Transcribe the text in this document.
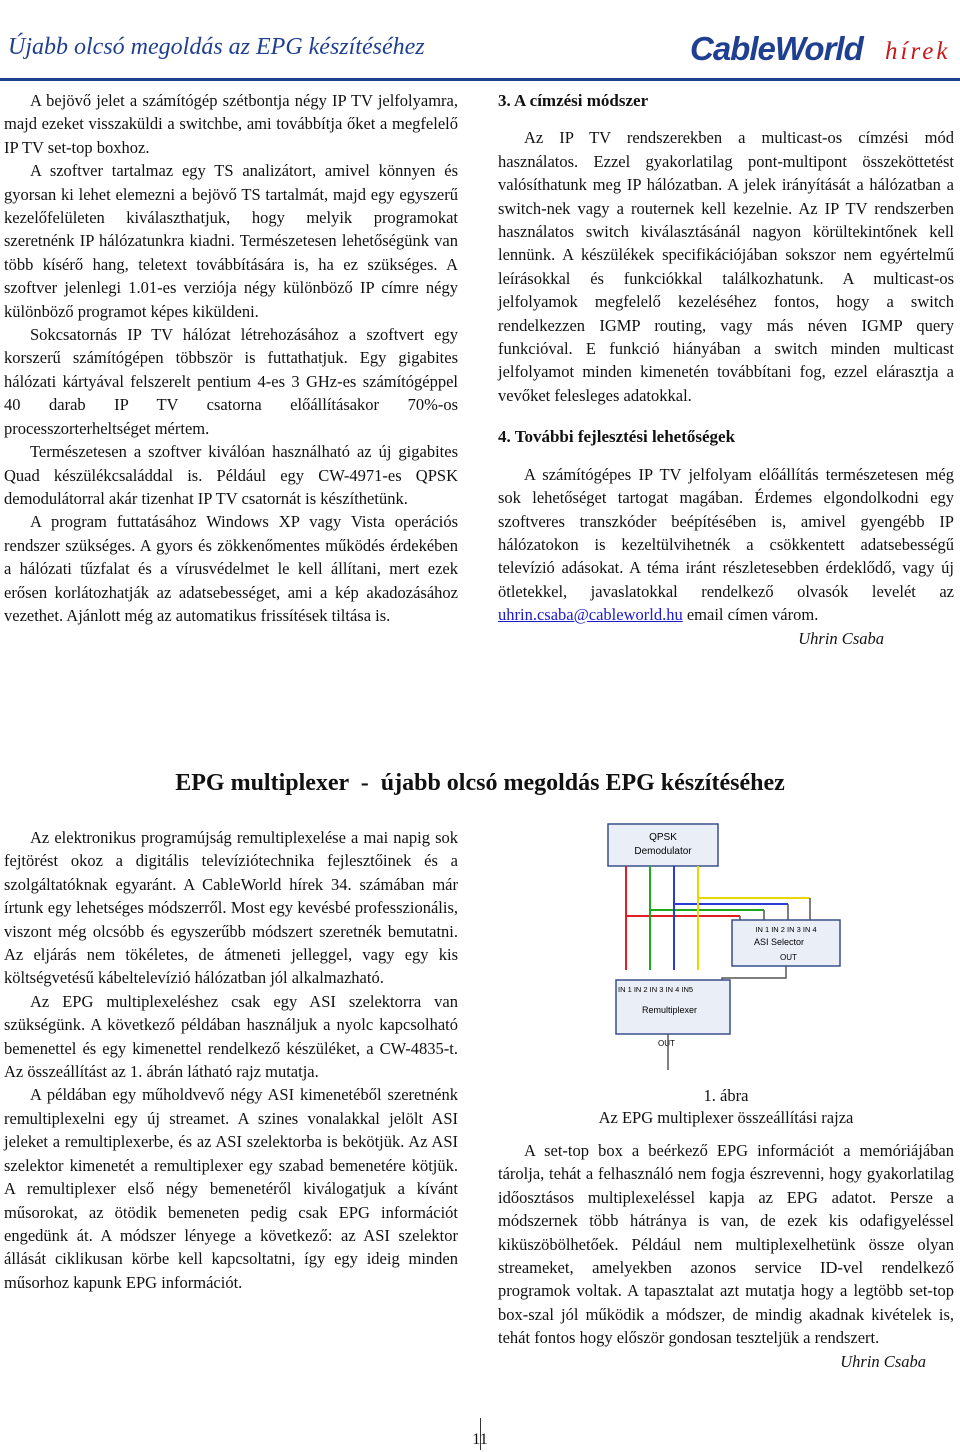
Újabb olcsó megoldás az EPG készítéséhez	CableWorld hírek

A bejövő jelet a számítógép szétbontja négy IP TV jelfolyamra, majd ezeket visszaküldi a switchbe, ami továbbítja őket a megfelelő IP TV set-top boxhoz.

A szoftver tartalmaz egy TS analizátort, amivel könnyen és gyorsan ki lehet elemezni a bejövő TS tartalmát, majd egy egyszerű kezelőfelületen kiválaszthatjuk, hogy melyik programokat szeretnénk IP hálózatunkra kiadni. Természetesen lehetőségünk van több kísérő hang, teletext továbbítására is, ha ez szükséges. A szoftver jelenlegi 1.01-es verziója négy különböző IP címre négy különböző programot képes kiküldeni.

Sokcsatornás IP TV hálózat létrehozásához a szoftvert egy korszerű számítógépen többször is futtathatjuk. Egy gigabites hálózati kártyával felszerelt pentium 4-es 3 GHz-es számítógéppel 40 darab IP TV csatorna előállításakor 70%-os processzorterheltséget mértem.

Természetesen a szoftver kiválóan használható az új gigabites Quad készülékcsaláddal is. Például egy CW-4971-es QPSK demodulátorral akár tizenhat IP TV csatornát is készíthetünk.

A program futtatásához Windows XP vagy Vista operációs rendszer szükséges. A gyors és zökkenőmentes működés érdekében a hálózati tűzfalat és a vírusvédelmet le kell állítani, mert ezek erősen korlátozhatják az adatsebességet, ami a kép akadozásához vezethet. Ajánlott még az automatikus frissítések tiltása is.

3. A címzési módszer

Az IP TV rendszerekben a multicast-os címzési mód használatos. Ezzel gyakorlatilag pont-multipont összeköttetést valósíthatunk meg IP hálózatban. A jelek irányítását a hálózatban a switch-nek vagy a routernek kell kezelnie. Az IP TV rendszerben használatos switch kiválasztásánál nagyon körültekintőnek kell lennünk. A készülékek specifikációjában sokszor nem egyértelmű leírásokkal és funkciókkal találkozhatunk. A multicast-os jelfolyamok megfelelő kezeléséhez fontos, hogy a switch rendelkezzen IGMP routing, vagy más néven IGMP query funkcióval. E funkció hiányában a switch minden multicast jelfolyamot minden kimenetén továbbítani fog, ezzel elárasztja a vevőket felesleges adatokkal.

4. További fejlesztési lehetőségek

A számítógépes IP TV jelfolyam előállítás természetesen még sok lehetőséget tartogat magában. Érdemes elgondolkodni egy szoftveres transzkóder beépítésében is, amivel gyengébb IP hálózatokon is kezeltülvihetnék a csökkentett adatsebességű televízió adásokat. A téma iránt részletesebben érdeklődő, vagy új ötletekkel, javaslatokkal rendelkező olvasók levelét az uhrin.csaba@cableworld.hu email címen várom.

Uhrin Csaba

EPG multiplexer  -  újabb olcsó megoldás EPG készítéséhez

Az elektronikus programújság remultiplexelése a mai napig sok fejtörést okoz a digitális televíziótechnika fejlesztőinek és a szolgáltatóknak egyaránt. A CableWorld hírek 34. számában már írtunk egy lehetséges módszerről. Most egy kevésbé professzionális, viszont még olcsóbb és egyszerűbb módszert szeretnék bemutatni. Az eljárás nem tökéletes, de átmeneti jelleggel, vagy egy kis költségvetésű kábeltelevízió hálózatban jól alkalmazható.

Az EPG multiplexeléshez csak egy ASI szelektorra van szükségünk. A következő példában használjuk a nyolc kapcsolható bemenettel és egy kimenettel rendelkező készüléket, a CW-4835-t. Az összeállítást az 1. ábrán látható rajz mutatja.

A példában egy műholdvevő négy ASI kimenetéből szeretnénk remultiplexelni egy új streamet. A szines vonalakkal jelölt ASI jeleket a remultiplexerbe, és az ASI szelektorba is bekötjük. Az ASI szelektor kimenetét a remultiplexer egy szabad bemenetére kötjük. A remultiplexer első négy bemenetéről kiválogatjuk a kívánt műsorokat, az ötödik bemeneten pedig csak EPG információt engedünk át. A módszer lényege a következő: az ASI szelektor állását ciklikusan körbe kell kapcsoltatni, így egy ideig minden műsorhoz kapunk EPG információt.

QPSK
Demodulator
IN 1 IN 2 IN 3 IN 4
ASI Selector
OUT
IN 1 IN 2 IN 3 IN 4 IN5
Remultiplexer
OUT
1. ábra
Az EPG multiplexer összeállítási rajza

A set-top box a beérkező EPG információt a memóriájában tárolja, tehát a felhasználó nem fogja észrevenni, hogy gyakorlatilag időosztásos multiplexeléssel kapja az EPG adatot. Persze a módszernek több hátránya is van, de ezek kis odafigyeléssel kiküszöbölhetőek. Például nem multiplexelhetünk össze olyan streameket, amelyekben azonos service ID-vel rendelkező programok voltak. A tapasztalat azt mutatja hogy a legtöbb set-top box-szal jól működik a módszer, de mindig akadnak kivételek is, tehát fontos hogy először gondosan teszteljük a rendszert.

Uhrin Csaba

11
